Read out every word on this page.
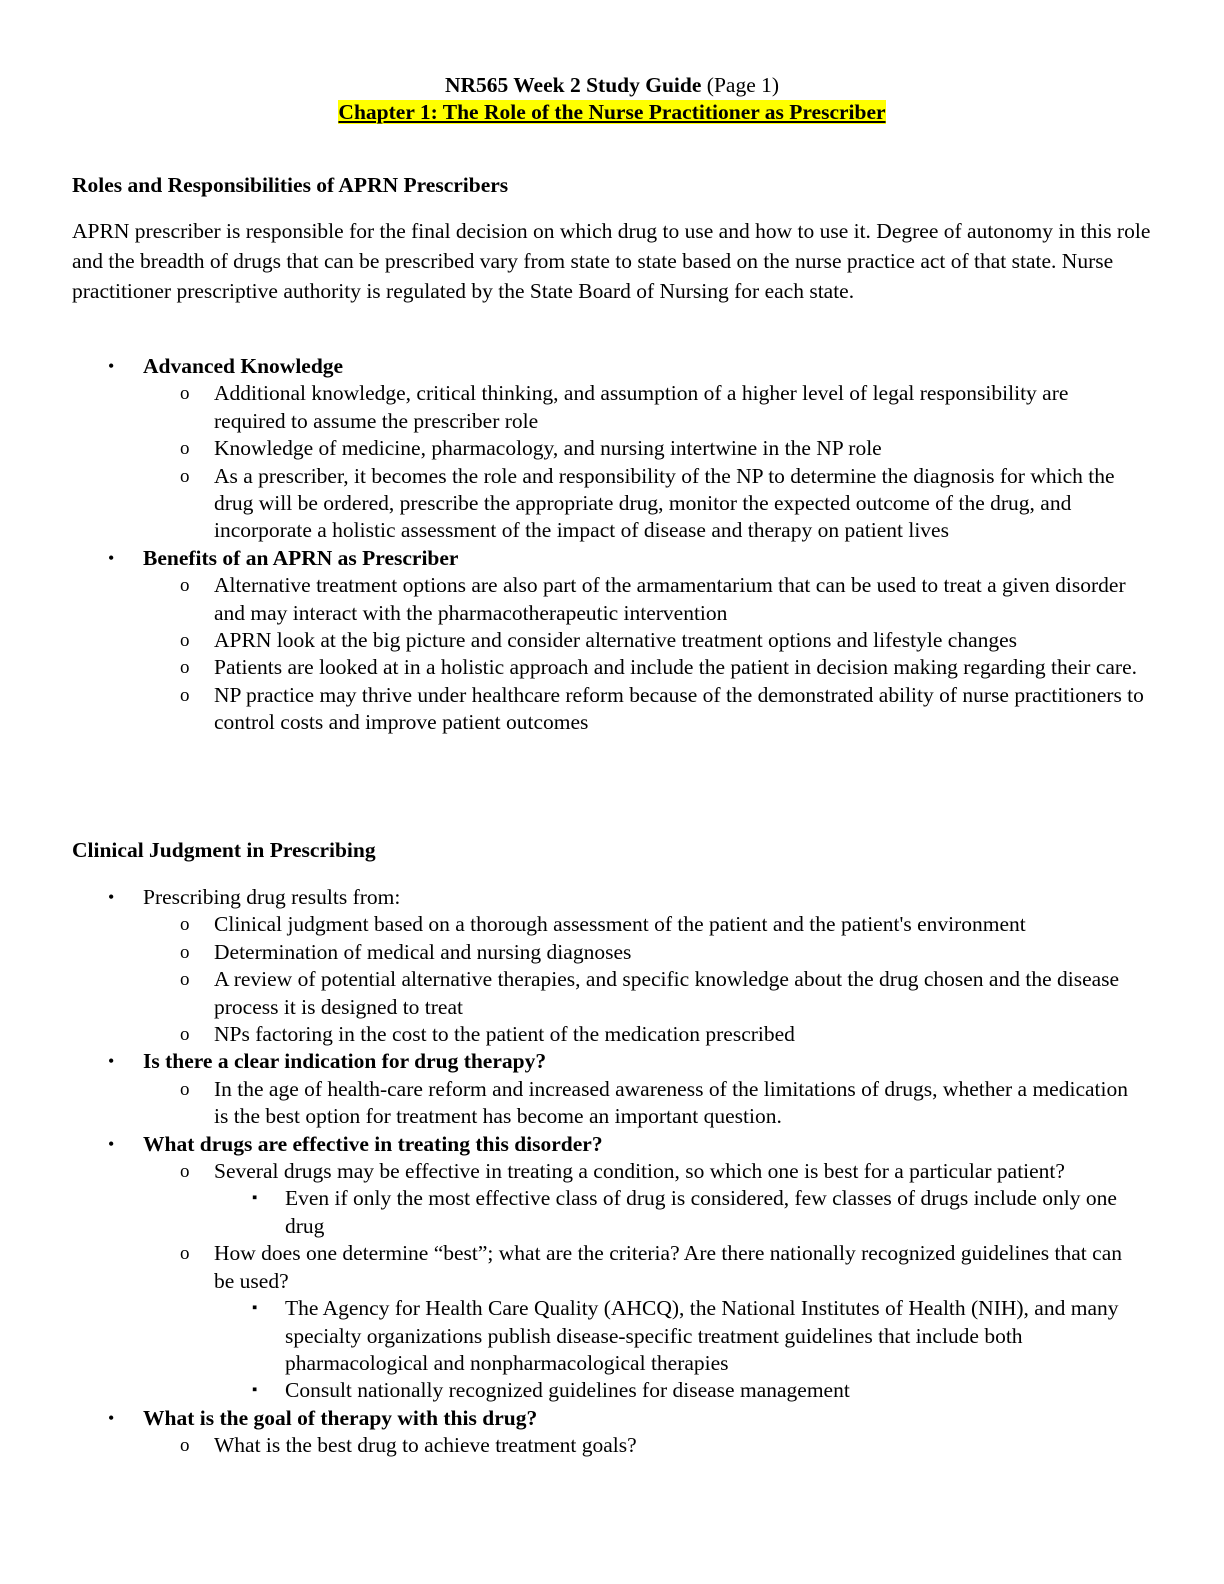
NR565 Week 2 Study Guide (Page 1)
Chapter 1: The Role of the Nurse Practitioner as Prescriber
Roles and Responsibilities of APRN Prescribers
APRN prescriber is responsible for the final decision on which drug to use and how to use it. Degree of autonomy in this role and the breadth of drugs that can be prescribed vary from state to state based on the nurse practice act of that state. Nurse practitioner prescriptive authority is regulated by the State Board of Nursing for each state.
• Advanced Knowledge
o Additional knowledge, critical thinking, and assumption of a higher level of legal responsibility are required to assume the prescriber role
o Knowledge of medicine, pharmacology, and nursing intertwine in the NP role
o As a prescriber, it becomes the role and responsibility of the NP to determine the diagnosis for which the drug will be ordered, prescribe the appropriate drug, monitor the expected outcome of the drug, and incorporate a holistic assessment of the impact of disease and therapy on patient lives
• Benefits of an APRN as Prescriber
o Alternative treatment options are also part of the armamentarium that can be used to treat a given disorder and may interact with the pharmacotherapeutic intervention
o APRN look at the big picture and consider alternative treatment options and lifestyle changes
o Patients are looked at in a holistic approach and include the patient in decision making regarding their care.
o NP practice may thrive under healthcare reform because of the demonstrated ability of nurse practitioners to control costs and improve patient outcomes
Clinical Judgment in Prescribing
• Prescribing drug results from:
o Clinical judgment based on a thorough assessment of the patient and the patient's environment
o Determination of medical and nursing diagnoses
o A review of potential alternative therapies, and specific knowledge about the drug chosen and the disease process it is designed to treat
o NPs factoring in the cost to the patient of the medication prescribed
• Is there a clear indication for drug therapy?
o In the age of health-care reform and increased awareness of the limitations of drugs, whether a medication is the best option for treatment has become an important question.
• What drugs are effective in treating this disorder?
o Several drugs may be effective in treating a condition, so which one is best for a particular patient?
▪ Even if only the most effective class of drug is considered, few classes of drugs include only one drug
o How does one determine “best”; what are the criteria? Are there nationally recognized guidelines that can be used?
▪ The Agency for Health Care Quality (AHCQ), the National Institutes of Health (NIH), and many specialty organizations publish disease-specific treatment guidelines that include both pharmacological and nonpharmacological therapies
▪ Consult nationally recognized guidelines for disease management
• What is the goal of therapy with this drug?
o What is the best drug to achieve treatment goals?
